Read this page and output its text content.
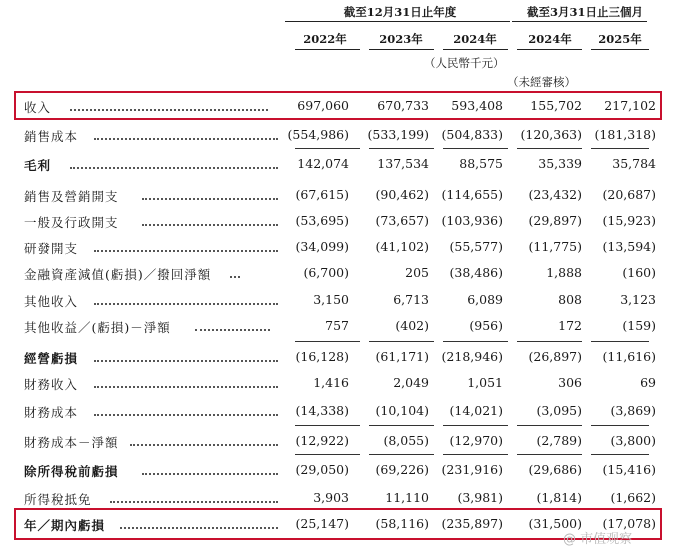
截至12月31日止年度	截至3月31日止三個月
2022年	2023年	2024年	2024年	2025年
（人民幣千元）
（未經審核）
收入	697,060	670,733	593,408	155,702	217,102
銷售成本	(554,986)	(533,199)	(504,833)	(120,363)	(181,318)
毛利	142,074	137,534	88,575	35,339	35,784
銷售及營銷開支	(67,615)	(90,462)	(114,655)	(23,432)	(20,687)
一般及行政開支	(53,695)	(73,657)	(103,936)	(29,897)	(15,923)
研發開支	(34,099)	(41,102)	(55,577)	(11,775)	(13,594)
金融資產減值(虧損)／撥回淨額	(6,700)	205	(38,486)	1,888	(160)
其他收入	3,150	6,713	6,089	808	3,123
其他收益／(虧損)－淨額	757	(402)	(956)	172	(159)
經營虧損	(16,128)	(61,171)	(218,946)	(26,897)	(11,616)
財務收入	1,416	2,049	1,051	306	69
財務成本	(14,338)	(10,104)	(14,021)	(3,095)	(3,869)
財務成本－淨額	(12,922)	(8,055)	(12,970)	(2,789)	(3,800)
除所得稅前虧損	(29,050)	(69,226)	(231,916)	(29,686)	(15,416)
所得稅抵免	3,903	11,110	(3,981)	(1,814)	(1,662)
年／期內虧損	(25,147)	(58,116)	(235,897)	(31,500)	(17,078)
@ 市值观察
